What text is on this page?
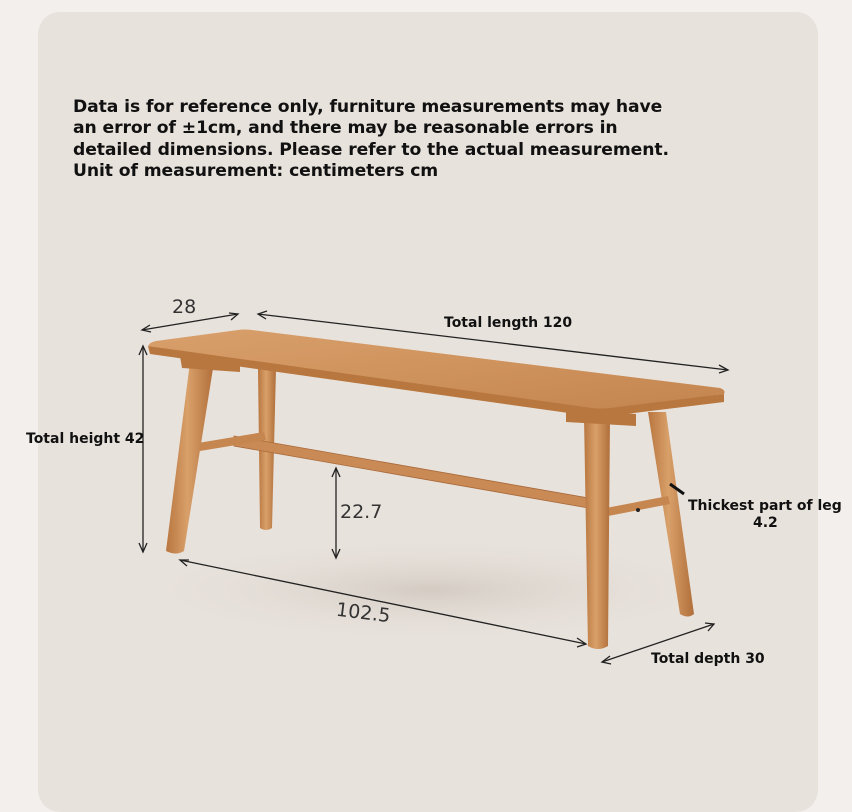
Data is for reference only, furniture measurements may have
an error of ±1cm, and there may be reasonable errors in
detailed dimensions. Please refer to the actual measurement.
Unit of measurement: centimeters cm
28
Total length 120
Total height 42
22.7
102.5
Thickest part of leg
4.2
Total depth 30
